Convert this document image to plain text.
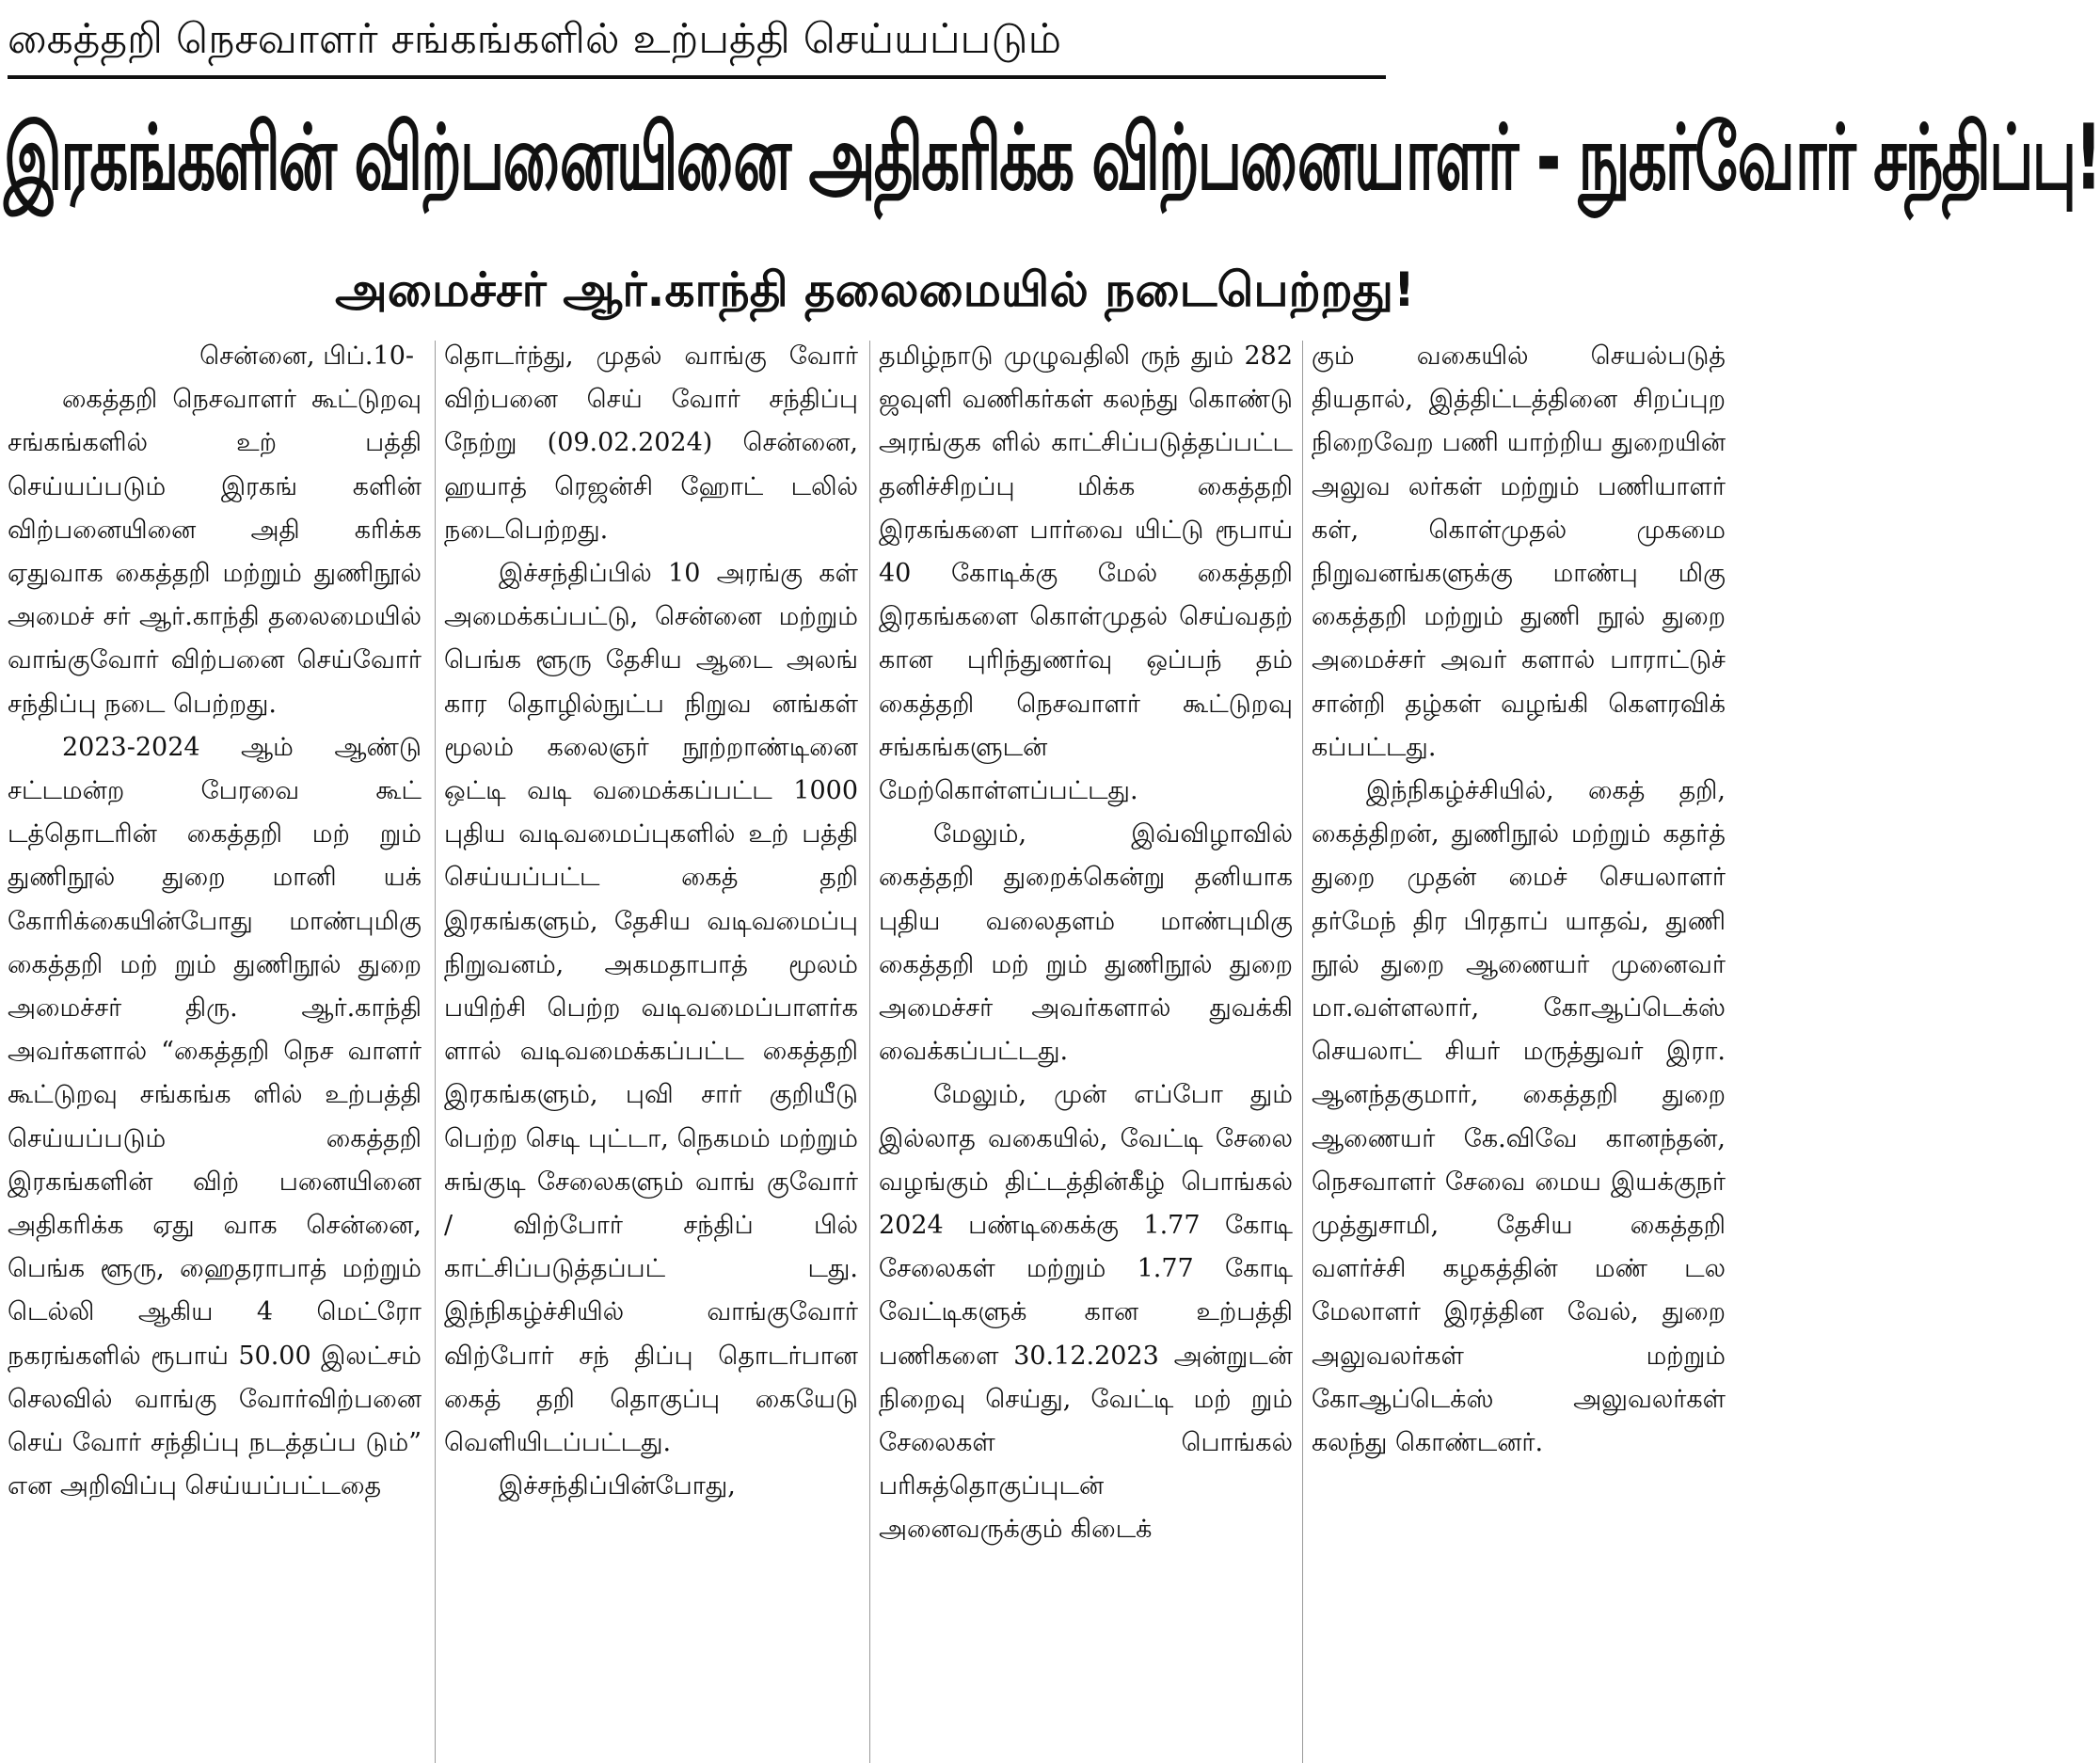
கைத்தறி நெசவாளர் சங்கங்களில் உற்பத்தி செய்யப்படும்
இரகங்களின் விற்பனையினை அதிகரிக்க விற்பனையாளர் - நுகர்வோர் சந்திப்பு!
அமைச்சர் ஆர்.காந்தி தலைமையில் நடைபெற்றது!

சென்னை, பிப்.10-

கைத்தறி நெசவாளர் கூட்டுறவு சங்கங்களில் உற் பத்தி செய்யப்படும் இரகங் களின் விற்பனையினை அதி கரிக்க ஏதுவாக கைத்தறி மற்றும் துணிநூல் அமைச் சர் ஆர்.காந்தி தலைமையில் வாங்குவோர் விற்பனை செய்வோர் சந்திப்பு நடை பெற்றது.

2023-2024 ஆம் ஆண்டு சட்டமன்ற பேரவை கூட் டத்தொடரின் கைத்தறி மற் றும் துணிநூல் துறை மானி யக் கோரிக்கையின்போது மாண்புமிகு கைத்தறி மற் றும் துணிநூல் துறை அமைச்சர் திரு. ஆர்.காந்தி அவர்களால் “கைத்தறி நெச வாளர் கூட்டுறவு சங்கங்க ளில் உற்பத்தி செய்யப்படும் கைத்தறி இரகங்களின் விற் பனையினை அதிகரிக்க ஏது வாக சென்னை, பெங்க ளூரு, ஹைதராபாத் மற்றும் டெல்லி ஆகிய 4 மெட்ரோ நகரங்களில் ரூபாய் 50.00 இலட்சம் செலவில் வாங்கு வோர்விற்பனை செய் வோர் சந்திப்பு நடத்தப்ப டும்” என அறிவிப்பு செய்யப்பட்டதை

தொடர்ந்து, முதல் வாங்கு வோர் விற்பனை செய் வோர் சந்திப்பு நேற்று (09.02.2024) சென்னை, ஹயாத் ரெஜன்சி ஹோட் டலில் நடைபெற்றது.

இச்சந்திப்பில் 10 அரங்கு கள் அமைக்கப்பட்டு, சென்னை மற்றும் பெங்க ளூரு தேசிய ஆடை அலங் கார தொழில்நுட்ப நிறுவ னங்கள் மூலம் கலைஞர் நூற்றாண்டினை ஒட்டி வடி வமைக்கப்பட்ட 1000 புதிய வடிவமைப்புகளில் உற் பத்தி செய்யப்பட்ட கைத் தறி இரகங்களும், தேசிய வடிவமைப்பு நிறுவனம், அகமதாபாத் மூலம் பயிற்சி பெற்ற வடிவமைப்பாளர்க ளால் வடிவமைக்கப்பட்ட கைத்தறி இரகங்களும், புவி சார் குறியீடு பெற்ற செடி புட்டா, நெகமம் மற்றும் சுங்குடி சேலைகளும் வாங் குவோர் / விற்போர் சந்திப் பில் காட்சிப்படுத்தப்பட் டது. இந்நிகழ்ச்சியில் வாங்குவோர் விற்போர் சந் திப்பு தொடர்பான கைத் தறி தொகுப்பு கையேடு வெளியிடப்பட்டது.

இச்சந்திப்பின்போது,

தமிழ்நாடு முழுவதிலி ருந் தும் 282 ஜவுளி வணிகர்கள் கலந்து கொண்டு அரங்குக ளில் காட்சிப்படுத்தப்பட்ட தனிச்சிறப்பு மிக்க கைத்தறி இரகங்களை பார்வை யிட்டு ரூபாய் 40 கோடிக்கு மேல் கைத்தறி இரகங்களை கொள்முதல் செய்வதற் கான புரிந்துணர்வு ஒப்பந் தம் கைத்தறி நெசவாளர் கூட்டுறவு சங்கங்களுடன் மேற்கொள்ளப்பட்டது.

மேலும், இவ்விழாவில் கைத்தறி துறைக்கென்று தனியாக புதிய வலைதளம் மாண்புமிகு கைத்தறி மற் றும் துணிநூல் துறை அமைச்சர் அவர்களால் துவக்கி வைக்கப்பட்டது.

மேலும், முன் எப்போ தும் இல்லாத வகையில், வேட்டி சேலை வழங்கும் திட்டத்தின்கீழ் பொங்கல் 2024 பண்டிகைக்கு 1.77 கோடி சேலைகள் மற்றும் 1.77 கோடி வேட்டிகளுக் கான உற்பத்தி பணிகளை 30.12.2023 அன்றுடன் நிறைவு செய்து, வேட்டி மற் றும் சேலைகள் பொங்கல் பரிசுத்தொகுப்புடன் அனைவருக்கும் கிடைக்

கும் வகையில் செயல்படுத் தியதால், இத்திட்டத்தினை சிறப்புற நிறைவேற பணி யாற்றிய துறையின் அலுவ லர்கள் மற்றும் பணியாளர் கள், கொள்முதல் முகமை நிறுவனங்களுக்கு மாண்பு மிகு கைத்தறி மற்றும் துணி நூல் துறை அமைச்சர் அவர் களால் பாராட்டுச் சான்றி தழ்கள் வழங்கி கௌரவிக் கப்பட்டது.

இந்நிகழ்ச்சியில், கைத் தறி, கைத்திறன், துணிநூல் மற்றும் கதர்த் துறை முதன் மைச் செயலாளர் தர்மேந் திர பிரதாப் யாதவ், துணி நூல் துறை ஆணையர் முனைவர் மா.வள்ளலார், கோஆப்டெக்ஸ் செயலாட் சியர் மருத்துவர் இரா. ஆனந்தகுமார், கைத்தறி துறை ஆணையர் கே.விவே கானந்தன், நெசவாளர் சேவை மைய இயக்குநர் முத்துசாமி, தேசிய கைத்தறி வளர்ச்சி கழகத்தின் மண் டல மேலாளர் இரத்தின வேல், துறை அலுவலர்கள் மற்றும் கோஆப்டெக்ஸ் அலுவலர்கள் கலந்து கொண்டனர்.
